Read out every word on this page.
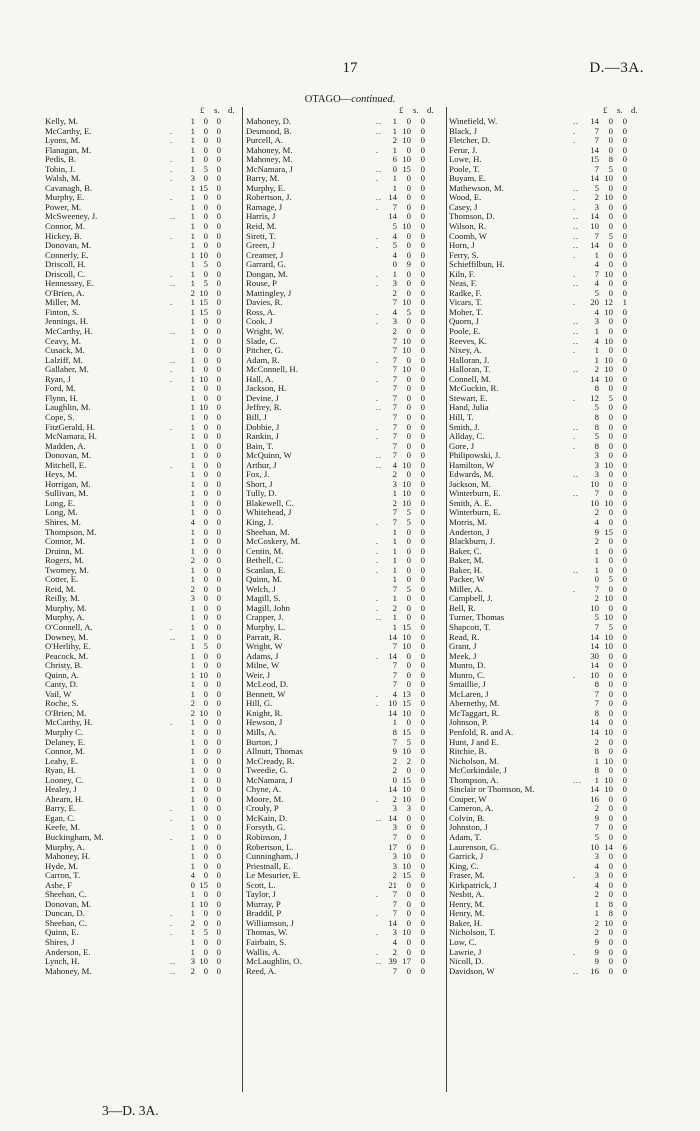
17	D.—3A.
OTAGO—continued.
£ s. d.	£ s. d.	£ s. d.
Kelly, M.	1 0 0
McCarthy, E.	.	1 0 0
Lyons, M.	.	1 0 0
Flanagan, M.	1 0 0
Pedis, B.	.	1 0 0
Tobin, J.	.	1 5 0
Walsh, M.	.	3 0 0
Cavanagh, B.	1 15 0
Murphy, E.	.	1 0 0
Power, M.	1 0 0
McSweeney, J.	..	1 0 0
Connor, M.	1 0 0
Hickey, B.	.	1 0 0
Donovan, M.	1 0 0
Connerly, E.	1 10 0
Driscoll, H.	1 5 0
Driscoll, C.	.	1 0 0
Hennessey, E.	..	1 5 0
O'Brien, A.	2 10 0
Miller, M.	.	1 15 0
Finton, S.	1 15 0
Jennings, H.	1 0 0
McCarthy, H.	..	1 0 0
Ceavy, M.	1 0 0
Cusack, M.	1 0 0
Lalziff, M.	..	1 0 0
Gallaher, M.	.	1 0 0
Ryan, J	.	1 10 0
Ford, M.	1 0 0
Flynn, H.	1 0 0
Laughlin, M.	1 10 0
Cope, S.	1 0 0
FitzGerald, H.	.	1 0 0
McNamara, H.	1 0 0
Madden, A.	1 0 0
Donovan, M.	1 0 0
Mitchell, E.	.	1 0 0
Heys, M.	1 0 0
Horrigan, M.	1 0 0
Sullivan, M.	1 0 0
Long, E.	1 0 0
Long, M.	1 0 0
Shires, M.	4 0 0
Thompson, M.	1 0 0
Connor, M.	1 0 0
Druinn, M.	1 0 0
Rogers, M.	2 0 0
Twomey, M.	1 0 0
Cotter, E.	1 0 0
Reid, M.	2 0 0
Reilly, M.	3 0 0
Murphy, M.	1 0 0
Murphy, A.	1 0 0
O'Connell, A.	.	1 0 0
Downey, M.	..	1 0 0
O'Herlihy, E.	1 5 0
Peacock, M.	1 0 0
Christy, B.	1 0 0
Quinn, A.	1 10 0
Canty, D.	1 0 0
Vail, W	1 0 0
Roche, S.	2 0 0
O'Brien, M.	2 10 0
McCarthy, H.	.	1 0 0
Murphy C.	1 0 0
Delaney, E.	1 0 0
Connor, M.	1 0 0
Leahy, E.	1 0 0
Ryan, H.	1 0 0
Looney, C.	1 0 0
Healey, J	1 0 0
Ahearn, H.	1 0 0
Barry, E.	.	1 0 0
Egan, C.	.	1 0 0
Keefe, M.	1 0 0
Buckingham, M.	.	1 0 0
Murphy, A.	1 0 0
Mahoney, H.	1 0 0
Hyde, M.	1 0 0
Carron, T.	4 0 0
Ashe, F	0 15 0
Sheehan, C.	1 0 0
Donovan, M.	1 10 0
Duncan, D.	.	1 0 0
Sheehan, C.	.	2 0 0
Quinn, E.	.	1 5 0
Shires, J	1 0 0
Anderson, E.	1 0 0
Lynch, H.	..	3 10 0
Mahoney, M.	..	2 0 0
Mahoney, D.	..	1	0	0
Desmond, B.	..	1 10	0
Purcell, A.	2 10	0
Mahoney, M.	.	1	0	0
Mahoney, M.	6 10	0
McNamara, J	..	0 15	0
Barry, M.	.	1	0	0
Murphy, E.	1	0	0
Robertson, J.	.. 14	0	0
Ramage, J	.	7	0	0
Harris, J	14	0	0
Reid, M.	5 10	0
Sirett, T.	.	4	0	0
Green, J	.	5	0	0
Creamer, J	4	0	0
Garrard, G.	0	9	0
Dongan, M.	.	1	0	0
Rouse, P	.	3	0	0
Mattingley, J	2	0	0
Davies, R.	7 10	0
Ross, A.	.	4	5	0
Cook, J	.	3	0	0
Wright, W.	2	0	0
Slade, C.	7 10	0
Pitcher, G.	7 10	0
Adam, R.	.	7	0	0
McConnell, H.	7 10	0
Hall, A.	.	7	0	0
Jackson, H.	7	0	0
Devine, J	.	7	0	0
Jeffrey, R.	..	7	0	0
Bill, J	7	0	0
Dobbie, J	.	7	0	0
Rankin, J	.	7	0	0
Bain, T.	7	0	0
McQuinn, W	..	7	0	0
Arthur, J	..	4 10	0
Fox, J.	2	0	0
Short, J	3 10	0
Tully, D.	1 10	0
Blakewell, C.	2 10	0
Whitehead, J	7	5	0
King, J.	.	7	5	0
Sheehan, M.	1	0	0
McCoskery, M.	.	1	0	0
Centin, M.	.	1	0	0
Bethell, C.	.	1	0	0
Scanlan, E.	.	1	0	0
Quinn, M.	1	0	0
Welch, J	7	5	0
Magill, S.	.	1	0	0
Magill, John	.	2	0	0
Crapper, J.	..	1	0	0
Murphy, L.	1 15	0
Parratt, R.	14 10	0
Wright, W	7 10	0
Adams, J	.	14	0	0
Milne, W	7	0	0
Weir, J	7	0	0
McLeod, D.	7	0	0
Bennett, W	.	4 13	0
Hill, G.	.	10 15	0
Knight, R.	14 10	0
Hewson, J	1	0	0
Mills, A.	8 15	0
Burton, J	7	5	0
Allnutt, Thomas	9 10	0
McCready, R.	2	2	0
Tweedie, G.	2	0	0
McNamara, J	0 15	0
Chyne, A.	14 10	0
Moore, M.	.	2 10	0
Crouly, P	3	3	0
McKain, D.	.. 14	0	0
Forsyth, G.	3	0	0
Robinson, J	7	0	0
Robertson, L.	17	0	0
Cunningham, J	3 10	0
Priestnall, E.	3 10	0
Le Mesurier, E.	2 15	0
Scott, L.	21	0	0
Taylor, J	.	7	0	0
Murray, P	7	0	0
Braddil, P	.	7	0	0
Williamson, J	14	0	0
Thomas, W.	.	3 10	0
Fairbain, S.	4	0	0
Wallis, A.	.	2	0	0
McLaughlin, O.	.. 39 17	0
Reed, A.	7	0	0
Winefield, W.	..	14	0	0
Black, J	.	7	0	0
Fletcher, D.	.	7	0	0
Ferur, J.	14	0	0
Lowe, H.	15	8	0
Poole, T.	7	5	0
Buyam, E.	14 10	0
Mathewson, M.	..	5	0	0
Wood, E.	.	2 10	0
Casey, J	.	3	0	0
Thomson, D.	..	14	0	0
Wilson, R.	..	10	0	0
Coomb, W	..	7	5	0
Horn, J	..	14	0	0
Ferry, S.	.	1	0	0
Schieffilbun, H.	4	0	0
Kiln, F.	.	7 10	0
Neas, F.	..	4	0	0
Radke, F.	5	0	0
Vicars, T.	.	20 12	1
Moher, T.	4 10	0
Quorn, J	..	3	0	0
Poole, E.	..	1	0	0
Reeves, K.	..	4 10	0
Nixey, A.	.	1	0	0
Halloran, J.	1 10	0
Halloran, T.	..	2 10	0
Connell, M.	14 10	0
McGuckin, R.	8	0	0
Stewart, E.	.	12	5	0
Hand, Julia	5	0	0
Hill, T.	8	0	0
Smith, J.	..	8	0	0
Allday, C.	.	5	0	0
Gore, J	.	8	0	0
Philipowski, J.	3	0	0
Hamilton, W	3 10	0
Edwards, M.	..	3	0	0
Jackson, M.	10	0	0
Winterburn, E.	..	7	0	0
Smith, A. E.	10 10	0
Winterburn, E.	2	0	0
Morris, M.	4	0	0
Anderton, J	9 15	0
Blackburn, J.	2	0	0
Baker, C.	1	0	0
Baker, M.	1	0	0
Baker, H.	..	1	0	0
Packer, W	0	5	0
Miller, A.	.	7	0	0
Campbell, J.	2 10	0
Bell, R.	10	0	0
Turner, Thomas	5 10	0
Shapcott, T.	7	5	0
Read, R.	14 10	0
Grant, J	14 10	0
Meek, J	30	0	0
Munro, D.	14	0	0
Munro, C.	.	10	0	0
Smaillie, J	8	0	0
McLaren, J	7	0	0
Abernethy, M.	7	0	0
McTaggart, R.	8	0	0
Johnson, P.	14	0	0
Penfold, R. and A.	14 10	0
Hunt, J and E.	2	0	0
Ritchie, B.	8	0	0
Nicholson, M.	1 10	0
McCorkindale, J	8	0	0
Thompson, A.	...	1 10	0
Sinclair or Thomson, M.	14 10	0
Couper, W	16	0	0
Cameron, A.	2	0	0
Colvin, B.	9	0	0
Johnston, J	7	0	0
Adam, T.	5	0	0
Laurenson, G.	10 14	6
Garrick, J	3	0	0
King, C.	4	0	0
Fraser, M.	.	3	0	0
Kirkpatrick, J	4	0	0
Nesbit, A.	2	0	0
Henry, M.	1	8	0
Henry, M.	1	8	0
Baker, H.	2 10	0
Nicholson, T.	2	0	0
Low, C.	9	0	0
Lawrie, J	.	9	0	0
Nicoll, D.	9	0	0
Davidson, W	..	16	0	0
3—D. 3A.
